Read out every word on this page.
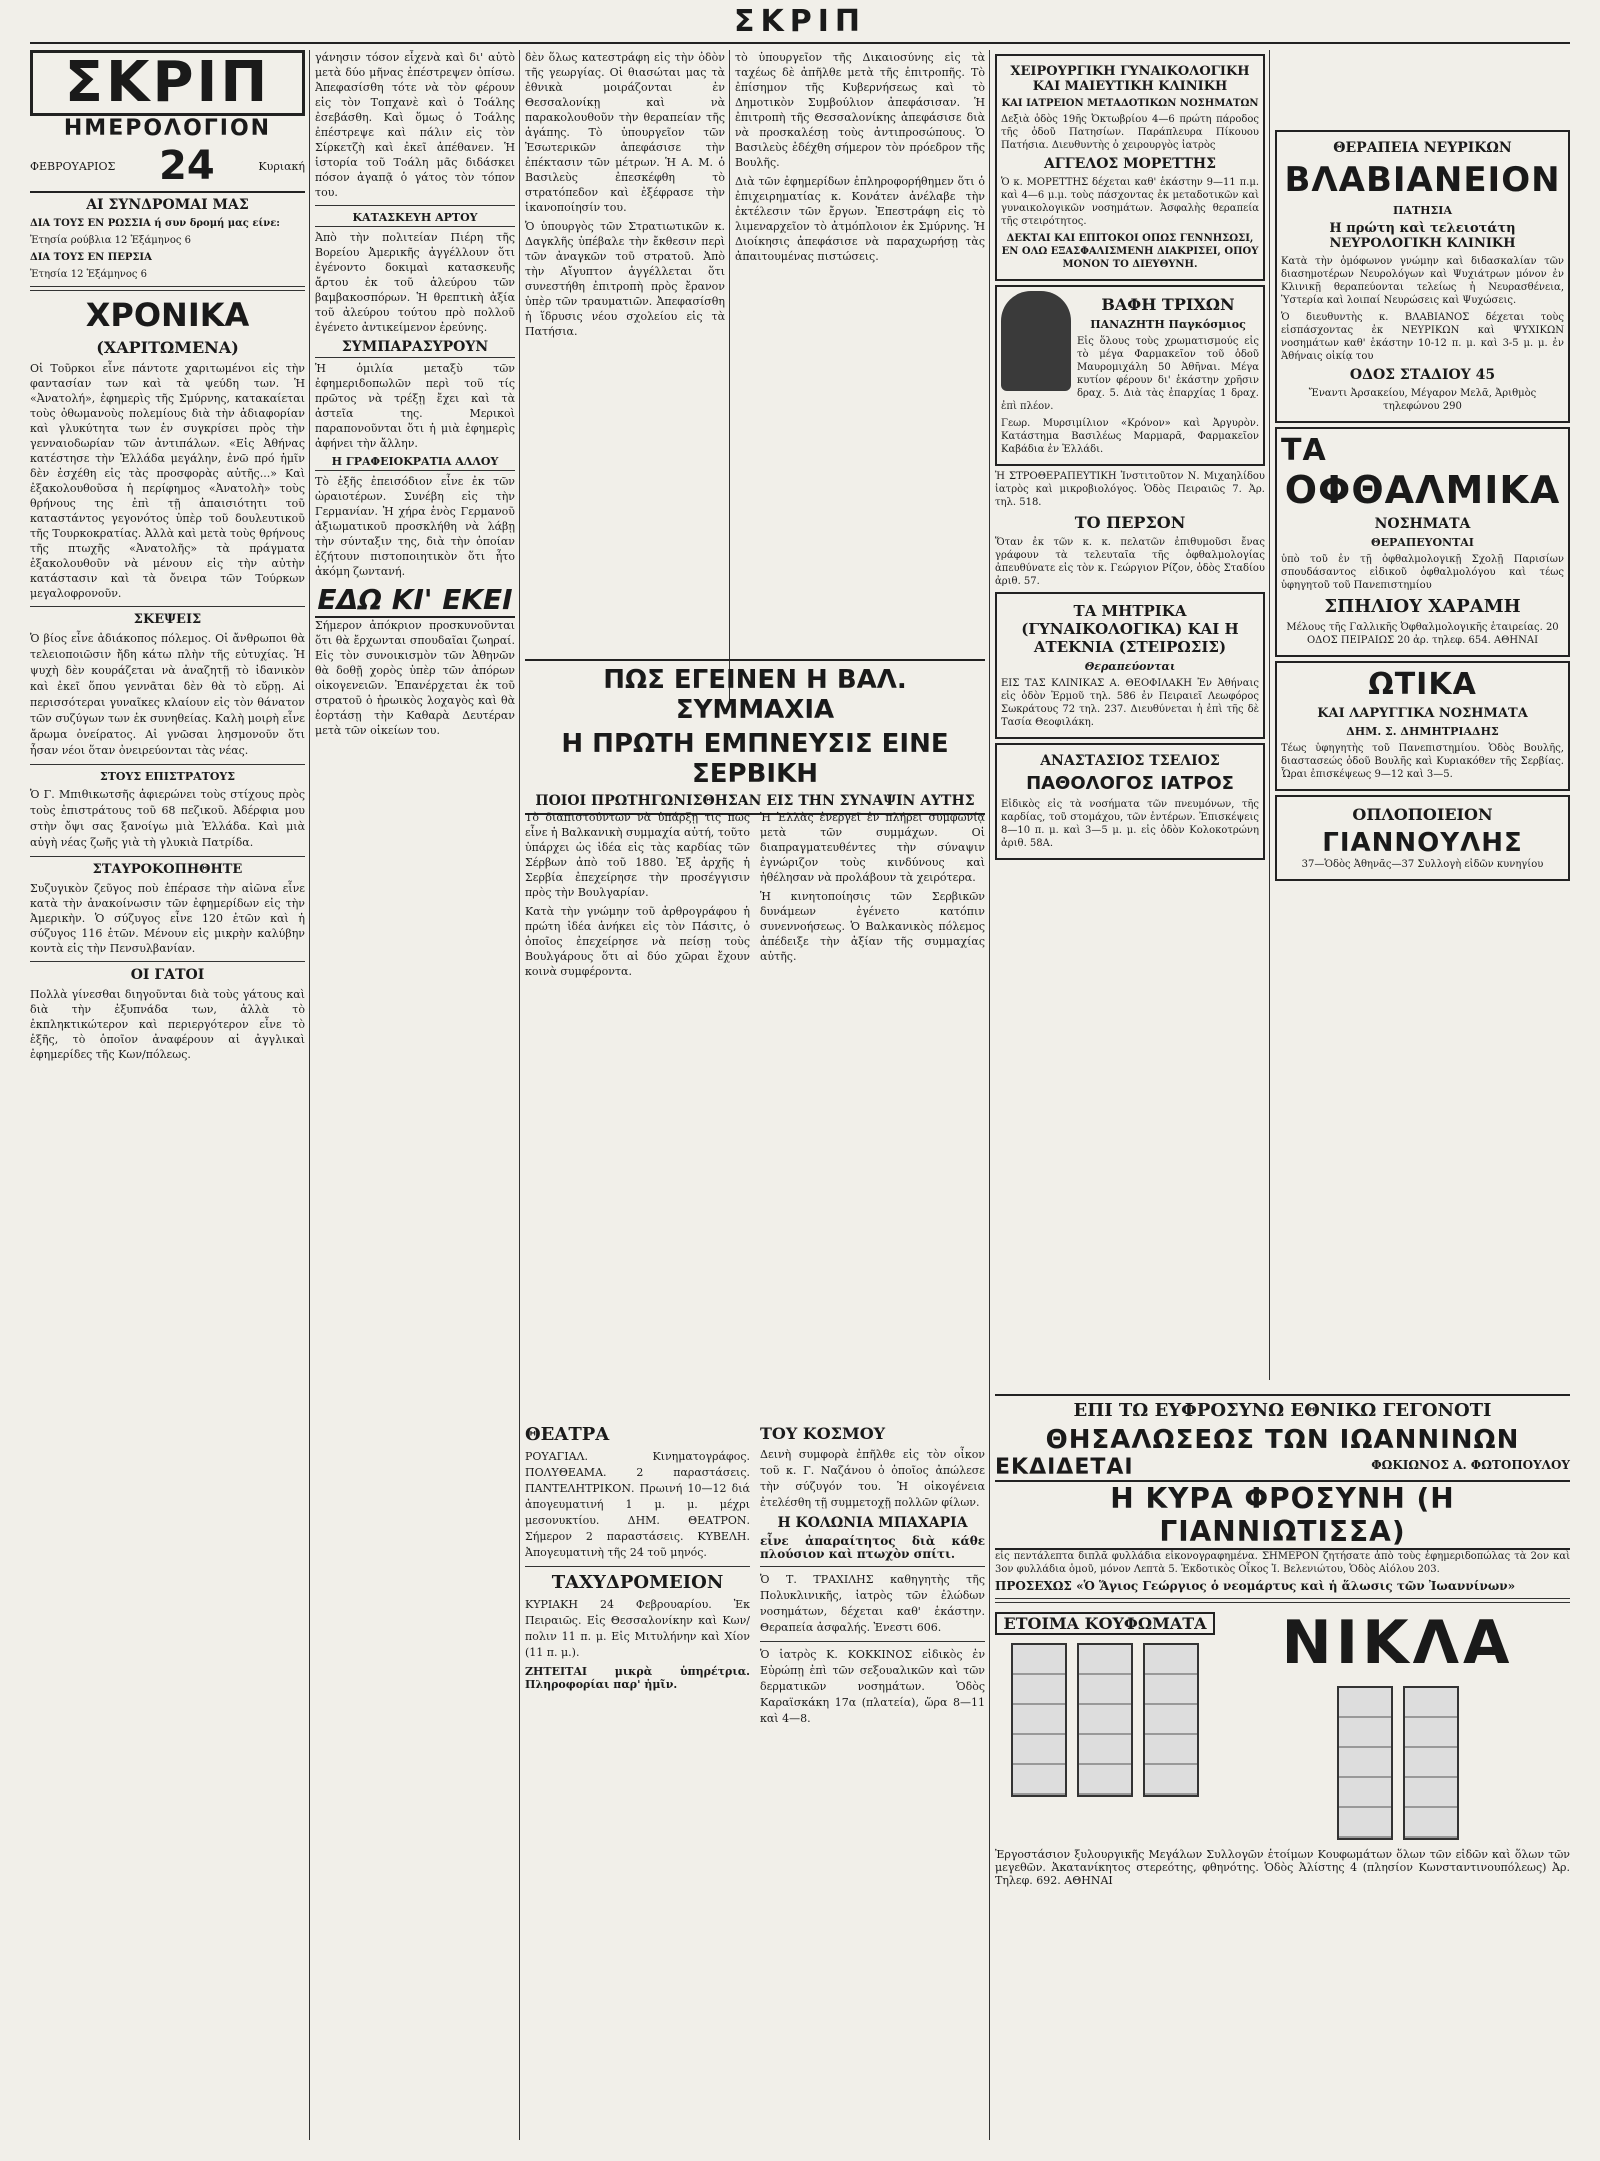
ΣΚΡΙΠ
ΣΚΡΙΠ
ΗΜΕΡΟΛΟΓΙΟΝ
ΦΕΒΡΟΥΑΡΙΟΣ 24	Κυριακή
ΑΙ ΣΥΝΔΡΟΜΑΙ ΜΑΣ
ΔΙΑ ΤΟΥΣ ΕΝ ΡΩΣΣΙΑ ή συν δρομή μας είνε:
Ἐτησία ρούβλια 12 Ἑξάμηνος 6
ΔΙΑ ΤΟΥΣ ΕΝ ΠΕΡΣΙΑ
Ἐτησία 12 Ἑξάμηνος 6
ΧΡΟΝΙΚΑ
(ΧΑΡΙΤΩΜΕΝΑ)

Οἱ Τοῦρκοι εἶνε πάντοτε χαριτωμένοι εἰς τὴν φαντασίαν των καὶ τὰ ψεύδη των. Ἡ «Ἀνατολή», ἐφημερὶς τῆς Σμύρνης, κατακαίεται τοὺς ὀθωμανοὺς πολεμίους διὰ τὴν ἀδιαφορίαν καὶ γλυκύτητα των ἐν συγκρίσει πρὸς τὴν γενναιοδωρίαν τῶν ἀντιπάλων. «Εἰς Ἀθήνας κατέστησε τὴν Ἑλλάδα μεγάλην, ἐνῶ πρό ἡμῖν δὲν ἐσχέθη εἰς τὰς προσφορὰς αὐτῆς...» Καὶ ἐξακολουθοῦσα ἡ περίφημος «Ἀνατολὴ» τοὺς θρήνους της ἐπὶ τῇ ἀπαισιότητι τοῦ καταστάντος γεγονότος ὑπὲρ τοῦ δουλευτικοῦ τῆς Τουρκοκρατίας. Ἀλλὰ καὶ μετὰ τοὺς θρήνους τῆς πτωχῆς «Ἀνατολῆς» τὰ πράγματα ἐξακολουθοῦν νὰ μένουν εἰς τὴν αὐτὴν κατάστασιν καὶ τὰ ὄνειρα τῶν Τούρκων μεγαλοφρονοῦν.

ΣΚΕΨΕΙΣ

Ὁ βίος εἶνε ἀδιάκοπος πόλεμος. Οἱ ἄνθρωποι θὰ τελειοποιῶσιν ἤδη κάτω πλὴν τῆς εὐτυχίας. Ἡ ψυχὴ δὲν κουράζεται νὰ ἀναζητῇ τὸ ἰδανικὸν καὶ ἐκεῖ ὅπου γεννᾶται δὲν θὰ τὸ εὕρῃ. Αἱ περισσότεραι γυναῖκες κλαίουν εἰς τὸν θάνατον τῶν συζύγων των ἐκ συνηθείας. Καλὴ μοιρὴ εἶνε ἄρωμα ὀνείρατος. Αἱ γνῶσαι λησμονοῦν ὅτι ἦσαν νέοι ὅταν ὀνειρεύονται τὰς νέας.

ΣΤΟΥΣ ΕΠΙΣΤΡΑΤΟΥΣ

Ὁ Γ. Μπιθικωτσῆς ἀφιερώνει τοὺς στίχους πρὸς τοὺς ἐπιστράτους τοῦ 68 πεζικοῦ. Ἀδέρφια μου στὴν ὄψι σας ξανοίγω μιὰ Ἑλλάδα. Καὶ μιὰ αὐγὴ νέας ζωῆς γιὰ τὴ γλυκιὰ Πατρίδα.

ΣΤΑΥΡΟΚΟΠΗΘΗΤΕ

Συζυγικὸν ζεῦγος ποὺ ἐπέρασε τὴν αἰῶνα εἶνε κατὰ τὴν ἀνακοίνωσιν τῶν ἐφημερίδων εἰς τὴν Ἀμερικὴν. Ὁ σύζυγος εἶνε 120 ἐτῶν καὶ ἡ σύζυγος 116 ἐτῶν. Μένουν εἰς μικρὴν καλύβην κοντὰ εἰς τὴν Πενσυλβανίαν.

ΟΙ ΓΑΤΟΙ

Πολλὰ γίνεσθαι διηγοῦνται διὰ τοὺς γάτους καὶ διὰ τὴν ἐξυπνάδα των, ἀλλὰ τὸ ἐκπληκτικώτερον καὶ περιεργότερον εἶνε τὸ ἑξῆς, τὸ ὁποῖον ἀναφέρουν αἱ ἀγγλικαὶ ἐφημερίδες τῆς Κων/πόλεως.

γάνησιν τόσον εἶχενὰ καὶ δι' αὐτὸ μετὰ δύο μῆνας ἐπέστρεψεν ὀπίσω. Ἀπεφασίσθη τότε νὰ τὸν φέρουν εἰς τὸν Τοπχανὲ καὶ ὁ Τοάλης ἐσεβάσθη. Καὶ ὅμως ὁ Τοάλης ἐπέστρεψε καὶ πάλιν εἰς τὸν Σίρκετζὴ καὶ ἐκεῖ ἀπέθανεν. Ἡ ἱστορία τοῦ Τοάλη μᾶς διδάσκει πόσον ἀγαπᾷ ὁ γάτος τὸν τόπον του.

ΚΑΤΑΣΚΕΥΗ ΑΡΤΟΥ

Ἀπὸ τὴν πολιτείαν Πιέρη τῆς Βορείου Ἀμερικῆς ἀγγέλλουν ὅτι ἐγένοντο δοκιμαὶ κατασκευῆς ἄρτου ἐκ τοῦ ἀλεύρου τῶν βαμβακοσπόρων. Ἡ θρεπτικὴ ἀξία τοῦ ἀλεύρου τούτου πρὸ πολλοῦ ἐγένετο ἀντικείμενον ἐρεύνης.

ΣΥΜΠΑΡΑΣΥΡΟΥΝ

Ἡ ὁμιλία μεταξὺ τῶν ἐφημεριδοπωλῶν περὶ τοῦ τίς πρῶτος νὰ τρέξῃ ἔχει καὶ τὰ ἀστεῖα της. Μερικοὶ παραπονοῦνται ὅτι ἡ μιὰ ἐφημερὶς ἀφήνει τὴν ἄλλην.

Η ΓΡΑΦΕΙΟΚΡΑΤΙΑ ΑΛΛΟΥ

Τὸ ἑξῆς ἐπεισόδιον εἶνε ἐκ τῶν ὡραιοτέρων. Συνέβη εἰς τὴν Γερμανίαν. Ἡ χήρα ἑνὸς Γερμανοῦ ἀξιωματικοῦ προσκλήθη νὰ λάβῃ τὴν σύνταξιν της, διὰ τὴν ὁποίαν ἐζήτουν πιστοποιητικὸν ὅτι ἦτο ἀκόμη ζωντανή.

ΕΔΩ ΚΙ' ΕΚΕΙ

Σήμερον ἀπόκριον προσκυνοῦνται ὅτι θὰ ἔρχωνται σπουδαῖαι ζωηραί. Εἰς τὸν συνοικισμὸν τῶν Ἀθηνῶν θὰ δοθῇ χορὸς ὑπὲρ τῶν ἀπόρων οἰκογενειῶν. Ἐπανέρχεται ἐκ τοῦ στρατοῦ ὁ ἡρωικὸς λοχαγὸς καὶ θὰ ἑορτάσῃ τὴν Καθαρὰ Δευτέραν μετὰ τῶν οἰκείων του.

δὲν ὅλως κατεστράφη εἰς τὴν ὀδὸν τῆς γεωργίας. Οἱ θιασώται μας τὰ ἐθνικὰ μοιράζονται ἐν Θεσσαλονίκῃ καὶ νὰ παρακολουθοῦν τὴν θεραπείαν τῆς ἀγάπης. Τὸ ὑπουργεῖον τῶν Ἐσωτερικῶν ἀπεφάσισε τὴν ἐπέκτασιν τῶν μέτρων. Ἡ Α. Μ. ὁ Βασιλεὺς ἐπεσκέφθη τὸ στρατόπεδον καὶ ἐξέφρασε τὴν ἱκανοποίησίν του.

Ὁ ὑπουργὸς τῶν Στρατιωτικῶν κ. Δαγκλῆς ὑπέβαλε τὴν ἔκθεσιν περὶ τῶν ἀναγκῶν τοῦ στρατοῦ. Ἀπὸ τὴν Αἴγυπτον ἀγγέλλεται ὅτι συνεστήθη ἐπιτροπὴ πρὸς ἔρανον ὑπὲρ τῶν τραυματιῶν. Ἀπεφασίσθη ἡ ἵδρυσις νέου σχολείου εἰς τὰ Πατήσια.

τὸ ὑπουργεῖον τῆς Δικαιοσύνης εἰς τὰ ταχέως δὲ ἀπῆλθε μετὰ τῆς ἐπιτροπῆς. Τὸ ἐπίσημον τῆς Κυβερνήσεως καὶ τὸ Δημοτικὸν Συμβούλιον ἀπεφάσισαν. Ἡ ἐπιτροπὴ τῆς Θεσσαλονίκης ἀπεφάσισε διὰ νὰ προσκαλέσῃ τοὺς ἀντιπροσώπους. Ὁ Βασιλεὺς ἐδέχθη σήμερον τὸν πρόεδρον τῆς Βουλῆς.

Διὰ τῶν ἐφημερίδων ἐπληροφορήθημεν ὅτι ὁ ἐπιχειρηματίας κ. Κονάτεν ἀνέλαβε τὴν ἐκτέλεσιν τῶν ἔργων. Ἐπεστράφη εἰς τὸ λιμεναρχεῖον τὸ ἀτμόπλοιον ἐκ Σμύρνης. Ἡ Διοίκησις ἀπεφάσισε νὰ παραχωρήσῃ τὰς ἀπαιτουμένας πιστώσεις.

ΠΩΣ ΕΓΕΙΝΕΝ Η ΒΑΛ. ΣΥΜΜΑΧΙΑ
Η ΠΡΩΤΗ ΕΜΠΝΕΥΣΙΣ ΕΙΝΕ ΣΕΡΒΙΚΗ
ΠΟΙΟΙ ΠΡΩΤΗΓΩΝΙΣΘΗΣΑΝ ΕΙΣ ΤΗΝ ΣΥΝΑΨΙΝ ΑΥΤΗΣ

Τὸ διαπιστούντων νὰ ὑπάρξῃ τις πῶς εἶνε ἡ Βαλκανικὴ συμμαχία αὐτή, τοῦτο ὑπάρχει ὡς ἰδέα εἰς τὰς καρδίας τῶν Σέρβων ἀπὸ τοῦ 1880. Ἐξ ἀρχῆς ἡ Σερβία ἐπεχείρησε τὴν προσέγγισιν πρὸς τὴν Βουλγαρίαν.

Κατὰ τὴν γνώμην τοῦ ἀρθρογράφου ἡ πρώτη ἰδέα ἀνήκει εἰς τὸν Πάσιτς, ὁ ὁποῖος ἐπεχείρησε νὰ πείσῃ τοὺς Βουλγάρους ὅτι αἱ δύο χῶραι ἔχουν κοινὰ συμφέροντα.

Ἡ Ἑλλὰς ἐνεργεῖ ἐν πλήρει συμφωνίᾳ μετὰ τῶν συμμάχων. Οἱ διαπραγματευθέντες τὴν σύναψιν ἐγνώριζον τοὺς κινδύνους καὶ ἠθέλησαν νὰ προλάβουν τὰ χειρότερα.

Ἡ κινητοποίησις τῶν Σερβικῶν δυνάμεων ἐγένετο κατόπιν συνεννοήσεως. Ὁ Βαλκανικὸς πόλεμος ἀπέδειξε τὴν ἀξίαν τῆς συμμαχίας αὐτῆς.

ΘΕΑΤΡΑ

ΡΟΥΑΓΙΑΛ. Κινηματογράφος. ΠΟΛΥΘΕΑΜΑ. 2 παραστάσεις. ΠΑΝΤΕΛΗΤΡΙΚΟΝ. Πρωινή 10—12 διά ἀπογευματινή 1 μ. μ. μέχρι μεσονυκτίου. ΔΗΜ. ΘΕΑΤΡΟΝ. Σήμερον 2 παραστάσεις. ΚΥΒΕΛΗ. Ἀπογευματινὴ τῆς 24 τοῦ μηνός.

ΤΑΧΥΔΡΟΜΕΙΟΝ

ΚΥΡΙΑΚΗ 24 Φεβρουαρίου. Ἐκ Πειραιῶς. Εἰς Θεσσαλονίκην καὶ Κων/πολιν 11 π. μ. Εἰς Μιτυλήνην καὶ Χίον (11 π. μ.).

ΖΗΤΕΙΤΑΙ μικρὰ ὑπηρέτρια. Πληροφορίαι παρ' ἡμῖν.

ΤΟΥ ΚΟΣΜΟΥ

Δεινὴ συμφορὰ ἐπῆλθε εἰς τὸν οἶκον τοῦ κ. Γ. Ναζάνου ὁ ὁποῖος ἀπώλεσε τὴν σύζυγόν του. Ἡ οἰκογένεια ἐτελέσθη τῇ συμμετοχῇ πολλῶν φίλων.

Η ΚΟΛΩΝΙΑ ΜΠΑΧΑΡΙΑ

εἶνε ἀπαραίτητος διὰ κάθε πλούσιον καὶ πτωχὸν σπίτι.

Ὁ Τ. ΤΡΑΧΙΛΗΣ καθηγητὴς τῆς Πολυκλινικῆς, ἰατρὸς τῶν ἐλώδων νοσημάτων, δέχεται καθ' ἑκάστην. Θεραπεία ἀσφαλής. Ἐνεστι 606.

Ὁ ἰατρὸς Κ. ΚΟΚΚΙΝΟΣ εἰδικὸς ἐν Εὐρώπῃ ἐπὶ τῶν σεξουαλικῶν καὶ τῶν δερματικῶν νοσημάτων. Ὁδὸς Καραϊσκάκη 17α (πλατεία), ὥρα 8—11 καὶ 4—8.

ΧΕΙΡΟΥΡΓΙΚΗ ΓΥΝΑΙΚΟΛΟΓΙΚΗ ΚΑΙ ΜΑΙΕΥΤΙΚΗ ΚΛΙΝΙΚΗ
ΚΑΙ ΙΑΤΡΕΙΟΝ ΜΕΤΑΔΟΤΙΚΩΝ ΝΟΣΗΜΑΤΩΝ

Δεξιὰ ὁδὸς 19ῆς Ὀκτωβρίου 4—6 πρώτη πάροδος τῆς ὁδοῦ Πατησίων. Παράπλευρα Πίκουου Πατήσια. Διευθυντὴς ὁ χειρουργὸς ἰατρὸς

ΑΓΓΕΛΟΣ ΜΟΡΕΤΤΗΣ

Ὁ κ. ΜΟΡΕΤΤΗΣ δέχεται καθ' ἑκάστην 9—11 π.μ. καὶ 4—6 μ.μ. τοὺς πάσχοντας ἐκ μεταδοτικῶν καὶ γυναικολογικῶν νοσημάτων. Ἀσφαλὴς θεραπεία τῆς στειρότητος.

ΔΕΚΤΑΙ ΚΑΙ ΕΠΙΤΟΚΟΙ ΟΠΩΣ ΓΕΝΝΗΣΩΣΙ, ΕΝ ΟΛΩ ΕΞΑΣΦΑΛΙΣΜΕΝΗ ΔΙΑΚΡΙΣΕΙ, ΟΠΟΥ ΜΟΝΟΝ ΤΟ ΔΙΕΥΘΥΝΗ.

ΒΑΦΗ ΤΡΙΧΩΝ
ΠΑΝΑΖΗΤΗ Παγκόσμιος

Εἰς ὅλους τοὺς χρωματισμούς εἰς τὸ μέγα Φαρμακεῖον τοῦ ὁδοῦ Μαυρομιχάλη 50 Ἀθῆναι. Μέγα κυτίον φέρουν δι' ἑκάστην χρῆσιν δραχ. 5. Διὰ τὰς ἐπαρχίας 1 δραχ. ἐπὶ πλέον.

Γεωρ. Μυρσιμίλιον «Κρόνον» καὶ Ἀργυρὸν. Κατάστημα Βασιλέως Μαρμαρᾶ, Φαρμακεῖον Καβάδια ἐν Ἑλλάδι.

Ἡ ΣΤΡΟΘΕΡΑΠΕΥΤΙΚΗ Ἰνστιτοῦτον Ν. Μιχαηλίδου ἰατρὸς καὶ μικροβιολόγος. Ὁδὸς Πειραιῶς 7. Ἀρ. τηλ. 518.

ΤΟ ΠΕΡΣΟΝ

Ὅταν ἐκ τῶν κ. κ. πελατῶν ἐπιθυμοῦσι ἔνας γράφουν τὰ τελευταῖα τῆς ὀφθαλμολογίας ἀπευθύνατε εἰς τὸν κ. Γεώργιον Ρίζον, ὁδὸς Σταδίου ἀριθ. 57.

ΤΑ ΜΗΤΡΙΚΑ (ΓΥΝΑΙΚΟΛΟΓΙΚΑ) ΚΑΙ Η ΑΤΕΚΝΙΑ (ΣΤΕΙΡΩΣΙΣ)
Θεραπεύονται

ΕΙΣ ΤΑΣ ΚΛΙΝΙΚΑΣ Α. ΘΕΟΦΙΛΑΚΗ Ἐν Ἀθήναις εἰς ὁδὸν Ἑρμοῦ τηλ. 586 ἐν Πειραιεῖ Λεωφόρος Σωκράτους 72 τηλ. 237. Διευθύνεται ἡ ἐπὶ τῆς δὲ Τασία Θεοφιλάκη.

ΑΝΑΣΤΑΣΙΟΣ ΤΣΕΛΙΟΣ
ΠΑΘΟΛΟΓΟΣ ΙΑΤΡΟΣ

Εἰδικὸς εἰς τὰ νοσήματα τῶν πνευμόνων, τῆς καρδίας, τοῦ στομάχου, τῶν ἐντέρων. Ἐπισκέψεις 8—10 π. μ. καὶ 3—5 μ. μ. εἰς ὁδὸν Κολοκοτρώνη ἀριθ. 58Α.

ΘΕΡΑΠΕΙΑ ΝΕΥΡΙΚΩΝ
ΒΛΑΒΙΑΝΕΙΟΝ
ΠΑΤΗΣΙΑ
Η πρώτη καὶ τελειοτάτη ΝΕΥΡΟΛΟΓΙΚΗ ΚΛΙΝΙΚΗ

Κατὰ τὴν ὁμόφωνον γνώμην καὶ διδασκαλίαν τῶν διασημοτέρων Νευρολόγων καὶ Ψυχιάτρων μόνον ἐν Κλινικῇ θεραπεύονται τελείως ἡ Νευρασθένεια, Ὑστερία καὶ λοιπαί Νευρώσεις καὶ Ψυχώσεις.

Ὁ διευθυντὴς κ. ΒΛΑΒΙΑΝΟΣ δέχεται τοὺς εἰσπάσχοντας ἐκ ΝΕΥΡΙΚΩΝ καὶ ΨΥΧΙΚΩΝ νοσημάτων καθ' ἑκάστην 10-12 π. μ. καὶ 3-5 μ. μ. ἐν Ἀθήναις οἰκίᾳ του

ΟΔΟΣ ΣΤΑΔΙΟΥ 45

Ἔναντι Ἀρσακείου, Μέγαρον Μελᾶ, Ἀριθμὸς τηλεφώνου 290

ΤΑ
ΟΦΘΑΛΜΙΚΑ
ΝΟΣΗΜΑΤΑ
ΘΕΡΑΠΕΥΟΝΤΑΙ

ὑπὸ τοῦ ἐν τῇ ὀφθαλμολογικῇ Σχολῇ Παρισίων σπουδάσαντος εἰδικοῦ ὀφθαλμολόγου καὶ τέως ὑφηγητοῦ τοῦ Πανεπιστημίου

ΣΠΗΛΙΟΥ ΧΑΡΑΜΗ

Μέλους τῆς Γαλλικῆς Ὀφθαλμολογικῆς ἑταιρείας. 20 ΟΔΟΣ ΠΕΙΡΑΙΩΣ 20 ἀρ. τηλεφ. 654. ΑΘΗΝΑΙ

ΩΤΙΚΑ
ΚΑΙ ΛΑΡΥΓΓΙΚΑ ΝΟΣΗΜΑΤΑ
ΔΗΜ. Σ. ΔΗΜΗΤΡΙΑΔΗΣ

Τέως ὑφηγητὴς τοῦ Πανεπιστημίου. Ὁδὸς Βουλῆς, διαστασεώς ὁδοῦ Βουλῆς καὶ Κυριακόθεν τῆς Σερβίας. Ὧραι ἐπισκέψεως 9—12 καὶ 3—5.

ΟΠΛΟΠΟΙΕΙΟΝ
ΓΙΑΝΝΟΥΛΗΣ

37—Ὁδὸς Ἀθηνᾶς—37 Συλλογὴ εἰδῶν κυνηγίου

ΕΠΙ ΤΩ ΕΥΦΡΟΣΥΝΩ ΕΘΝΙΚΩ ΓΕΓΟΝΟΤΙ
ΘΗΣΑΛΩΣΕΩΣ ΤΩΝ ΙΩΑΝΝΙΝΩΝ
ΕΚΔΙΔΕΤΑΙ	ΦΩΚΙΩΝΟΣ Α. ΦΩΤΟΠΟΥΛΟΥ
Η ΚΥΡΑ ΦΡΟΣΥΝΗ (Η ΓΙΑΝΝΙΩΤΙΣΣΑ)

εἰς πεντάλεπτα διπλᾶ φυλλάδια εἰκονογραφημένα. ΣΗΜΕΡΟΝ ζητήσατε ἀπὸ τοὺς ἐφημεριδοπώλας τὰ 2ον καὶ 3ον φυλλάδια ὁμοῦ, μόνον Λεπτὰ 5. Ἐκδοτικὸς Οἶκος Ἰ. Βελενιώτου, Ὁδὸς Αἰόλου 203.

ΠΡΟΣΕΧΩΣ «Ὁ Ἅγιος Γεώργιος ὁ νεομάρτυς καὶ ἡ ἅλωσις τῶν Ἰωαννίνων»

ΕΤΟΙΜΑ ΚΟΥΦΩΜΑΤΑ	ΝΙΚΛΑ

Ἐργοστάσιον ξυλουργικῆς Μεγάλων Συλλογῶν ἑτοίμων Κουφωμάτων ὅλων τῶν εἰδῶν καὶ ὅλων τῶν μεγεθῶν. Ἀκατανίκητος στερεότης, φθηνότης. Ὁδὸς Ἀλίστης 4 (πλησίον Κωνσταντινουπόλεως) Ἀρ. Τηλεφ. 692. ΑΘΗΝΑΙ
